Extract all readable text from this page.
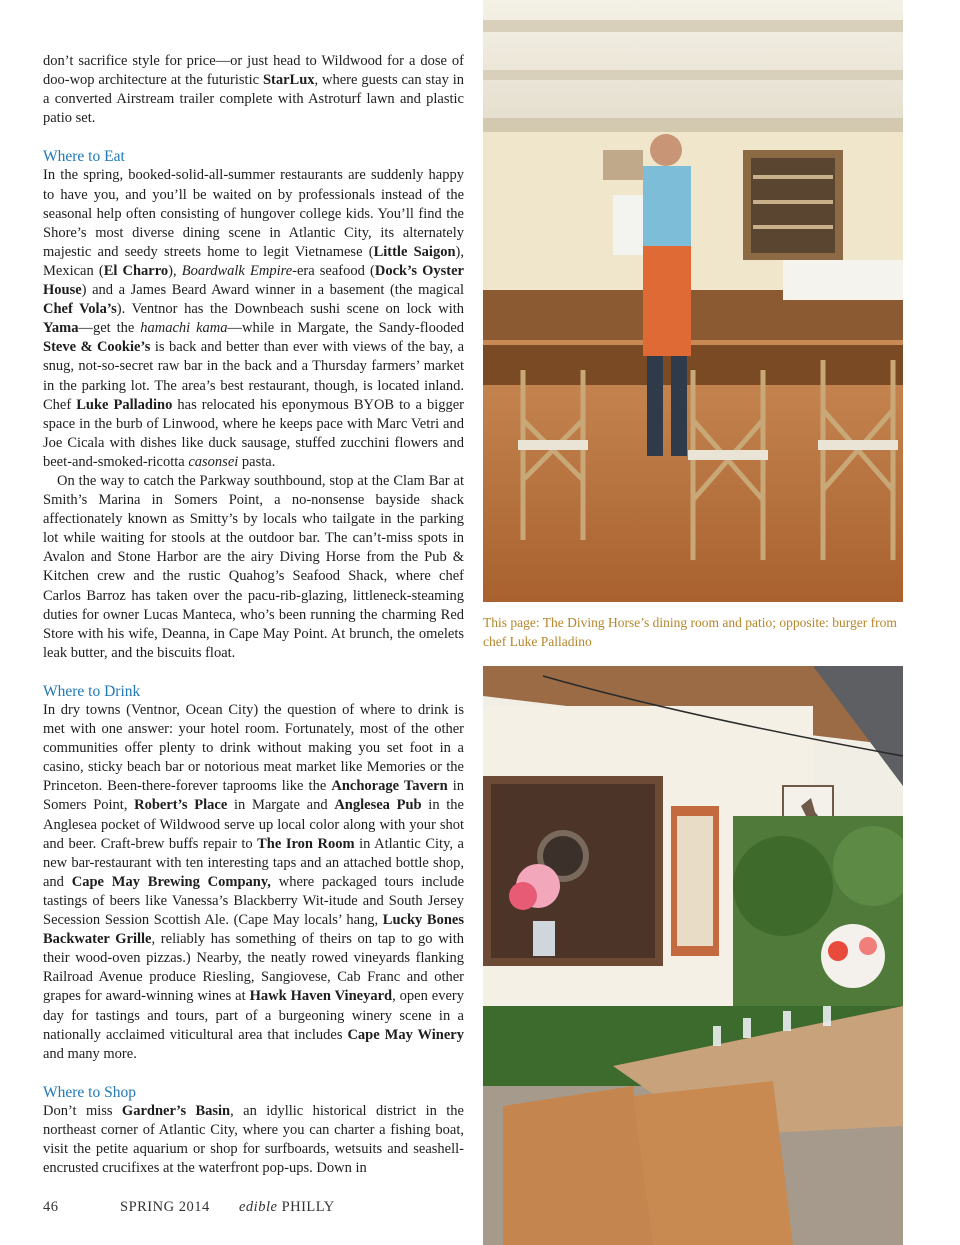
don’t sacrifice style for price—or just head to Wildwood for a dose of doo-wop architecture at the futuristic StarLux, where guests can stay in a converted Airstream trailer complete with Astroturf lawn and plastic patio set.

Where to Eat

In the spring, booked-solid-all-summer restaurants are suddenly happy to have you, and you’ll be waited on by professionals instead of the seasonal help often consisting of hungover college kids. You’ll find the Shore’s most diverse dining scene in Atlantic City, its alternately majestic and seedy streets home to legit Vietnamese (Little Saigon), Mexican (El Charro), Boardwalk Empire-era seafood (Dock’s Oyster House) and a James Beard Award winner in a basement (the magical Chef Vola’s). Ventnor has the Downbeach sushi scene on lock with Yama—get the hamachi kama—while in Margate, the Sandy-flooded Steve & Cookie’s is back and better than ever with views of the bay, a snug, not-so-secret raw bar in the back and a Thursday farmers’ market in the parking lot. The area’s best restaurant, though, is located inland. Chef Luke Palladino has relocated his eponymous BYOB to a bigger space in the burb of Linwood, where he keeps pace with Marc Vetri and Joe Cicala with dishes like duck sausage, stuffed zucchini flowers and beet-and-smoked-ricotta casonsei pasta.

On the way to catch the Parkway southbound, stop at the Clam Bar at Smith’s Marina in Somers Point, a no-nonsense bayside shack affectionately known as Smitty’s by locals who tailgate in the parking lot while waiting for stools at the outdoor bar. The can’t-miss spots in Avalon and Stone Harbor are the airy Diving Horse from the Pub & Kitchen crew and the rustic Quahog’s Seafood Shack, where chef Carlos Barroz has taken over the pacu-rib-glazing, littleneck-steaming duties for owner Lucas Manteca, who’s been running the charming Red Store with his wife, Deanna, in Cape May Point. At brunch, the omelets leak butter, and the biscuits float.

Where to Drink

In dry towns (Ventnor, Ocean City) the question of where to drink is met with one answer: your hotel room. Fortunately, most of the other communities offer plenty to drink without making you set foot in a casino, sticky beach bar or notorious meat market like Memories or the Princeton. Been-there-forever taprooms like the Anchorage Tavern in Somers Point, Robert’s Place in Margate and Anglesea Pub in the Anglesea pocket of Wildwood serve up local color along with your shot and beer. Craft-brew buffs repair to The Iron Room in Atlantic City, a new bar-restaurant with ten interesting taps and an attached bottle shop, and Cape May Brewing Company, where packaged tours include tastings of beers like Vanessa’s Blackberry Wit-itude and South Jersey Secession Session Scottish Ale. (Cape May locals’ hang, Lucky Bones Backwater Grille, reliably has something of theirs on tap to go with their wood-oven pizzas.) Nearby, the neatly rowed vineyards flanking Railroad Avenue produce Riesling, Sangiovese, Cab Franc and other grapes for award-winning wines at Hawk Haven Vineyard, open every day for tastings and tours, part of a burgeoning winery scene in a nationally acclaimed viticultural area that includes Cape May Winery and many more.

Where to Shop

Don’t miss Gardner’s Basin, an idyllic historical district in the northeast corner of Atlantic City, where you can charter a fishing boat, visit the petite aquarium or shop for surfboards, wetsuits and seashell-encrusted crucifixes at the waterfront pop-ups. Down in

This page: The Diving Horse’s dining room and patio; opposite: burger from chef Luke Palladino
46	SPRING 2014 edible PHILLY
